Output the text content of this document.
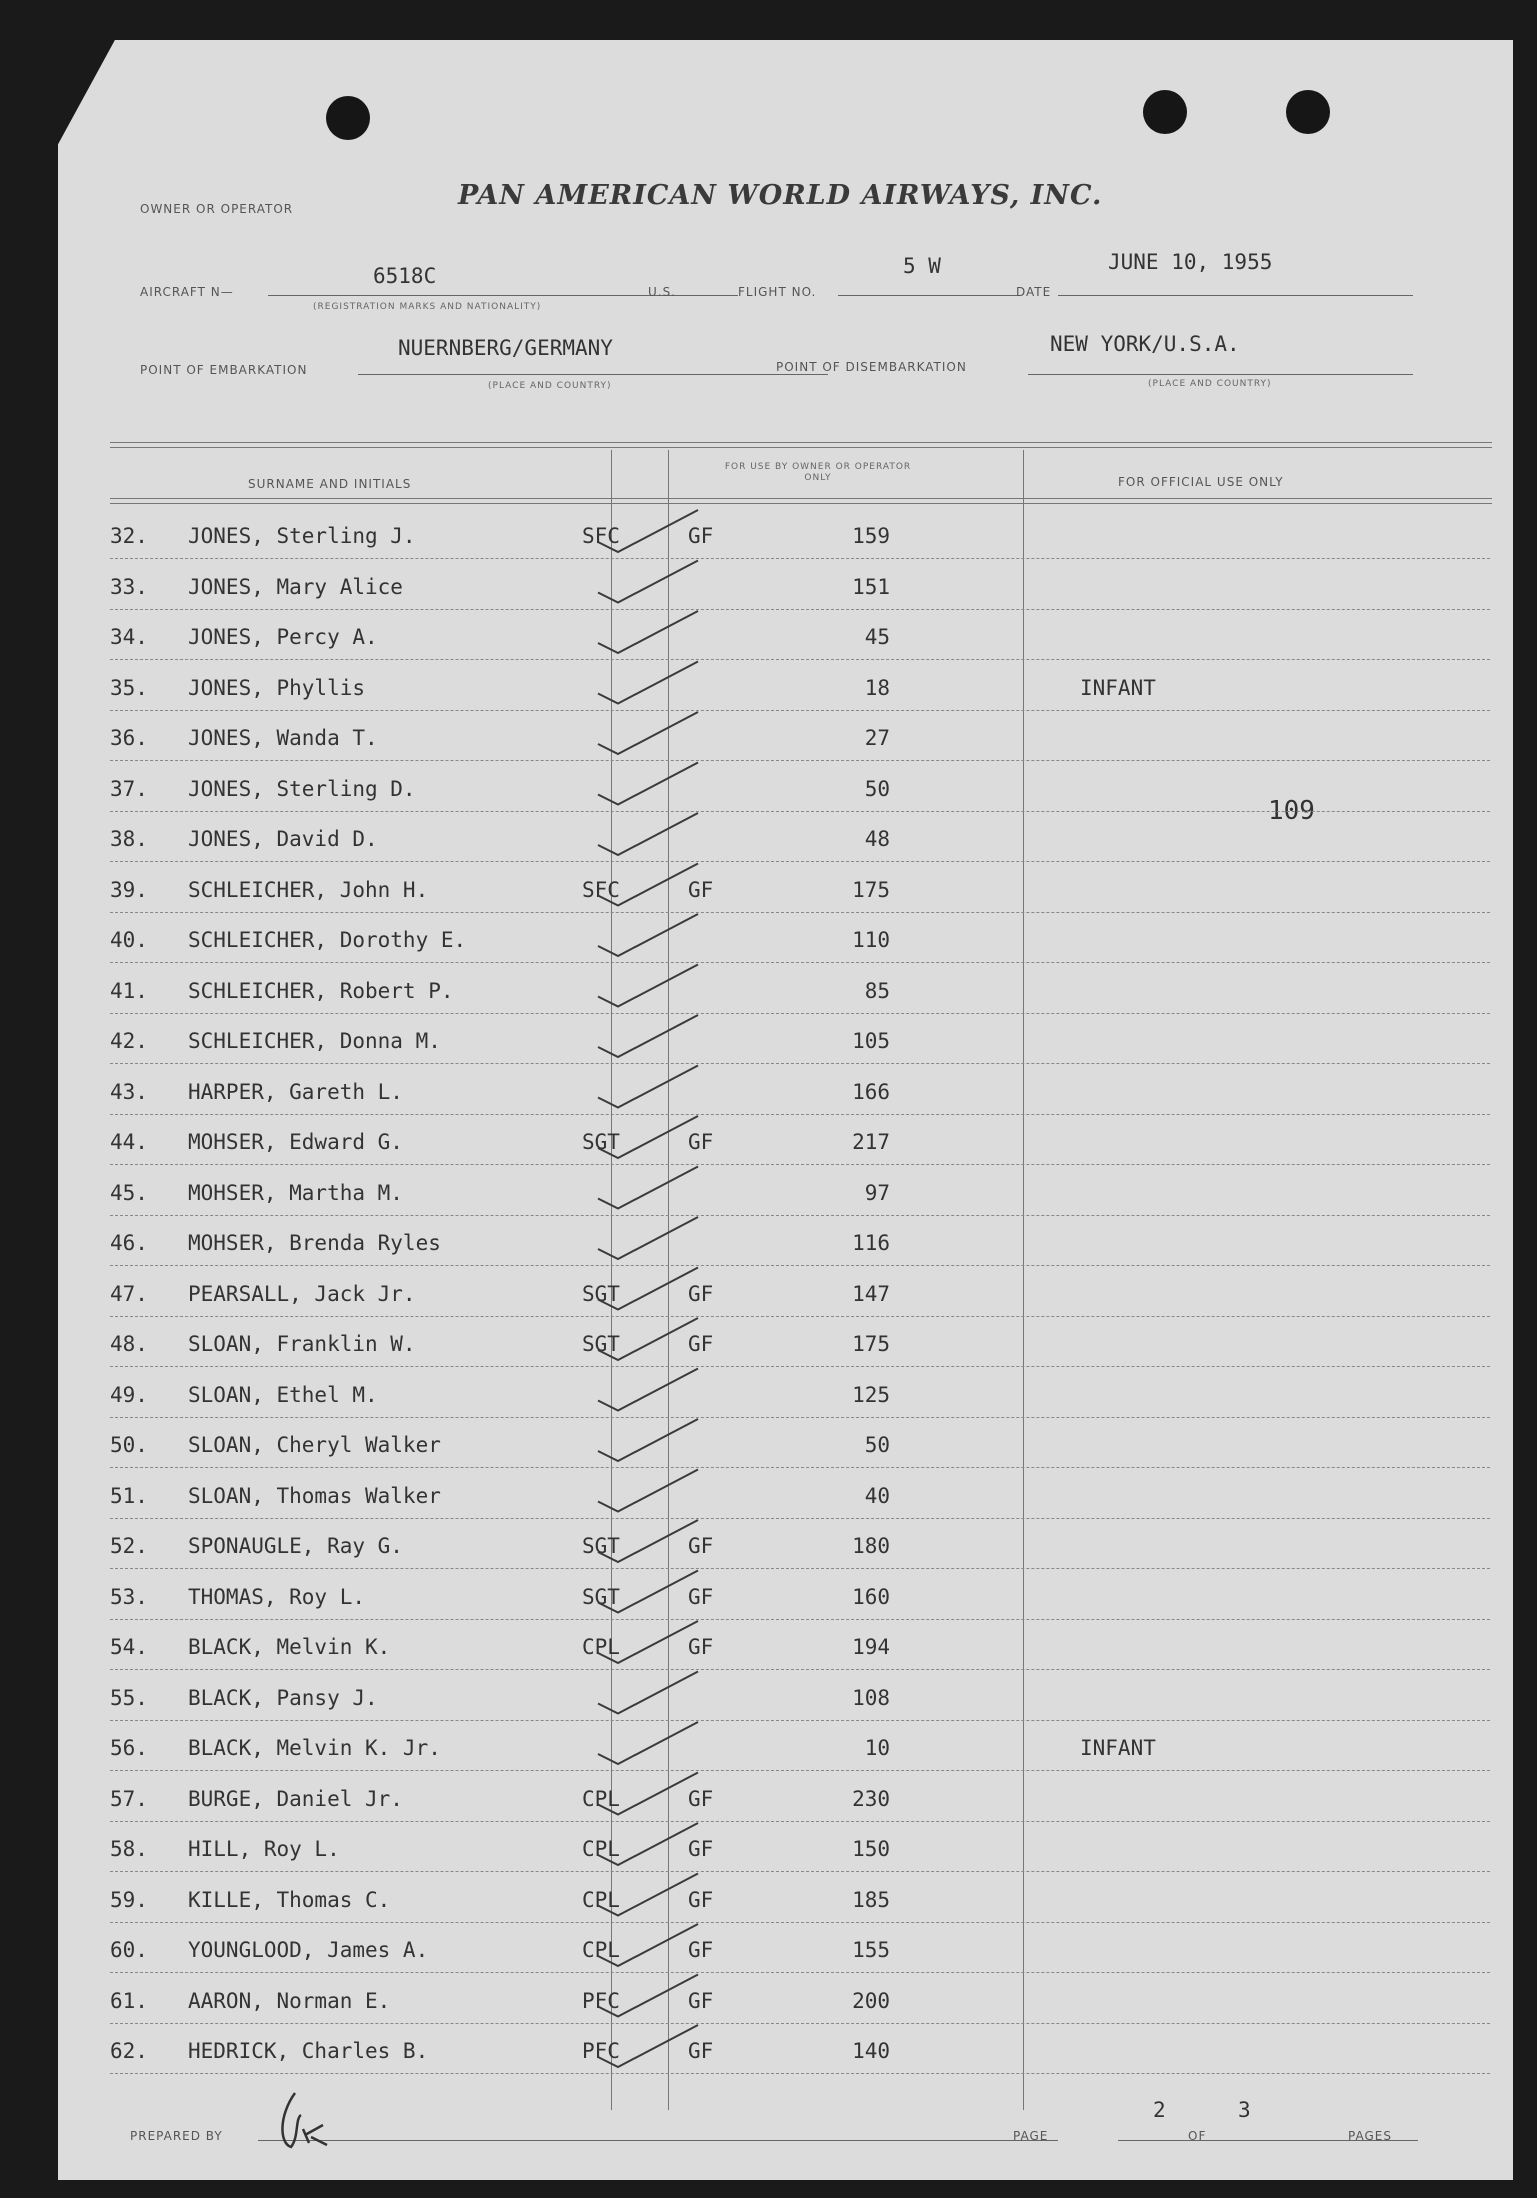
OWNER OR OPERATOR	PAN AMERICAN WORLD AIRWAYS, INC.
AIRCRAFT N—
6518C
(REGISTRATION MARKS AND NATIONALITY)
U.S.	FLIGHT NO.
5 W
DATE
JUNE 10, 1955
POINT OF EMBARKATION
NUERNBERG/GERMANY
(PLACE AND COUNTRY)
POINT OF DISEMBARKATION
NEW YORK/U.S.A.
(PLACE AND COUNTRY)
SURNAME AND INITIALS
FOR USE BY OWNER OR OPERATOR ONLY	FOR OFFICIAL USE ONLY
109
32.	JONES, Sterling J.	SFC	GF	159
33.	JONES, Mary Alice	151
34.	JONES, Percy A.	45
35.	JONES, Phyllis	18	INFANT
36.	JONES, Wanda T.	27
37.	JONES, Sterling D.	50
38.	JONES, David D.	48
39.	SCHLEICHER, John H.	SFC	GF	175
40.	SCHLEICHER, Dorothy E.	110
41.	SCHLEICHER, Robert P.	85
42.	SCHLEICHER, Donna M.	105
43.	HARPER, Gareth L.	166
44.	MOHSER, Edward G.	SGT	GF	217
45.	MOHSER, Martha M.	97
46.	MOHSER, Brenda Ryles	116
47.	PEARSALL, Jack Jr.	SGT	GF	147
48.	SLOAN, Franklin W.	SGT	GF	175
49.	SLOAN, Ethel M.	125
50.	SLOAN, Cheryl Walker	50
51.	SLOAN, Thomas Walker	40
52.	SPONAUGLE, Ray G.	SGT	GF	180
53.	THOMAS, Roy L.	SGT	GF	160
54.	BLACK, Melvin K.	CPL	GF	194
55.	BLACK, Pansy J.	108
56.	BLACK, Melvin K. Jr.	10	INFANT
57.	BURGE, Daniel Jr.	CPL	GF	230
58.	HILL, Roy L.	CPL	GF	150
59.	KILLE, Thomas C.	CPL	GF	185
60.	YOUNGLOOD, James A.	CPL	GF	155
61.	AARON, Norman E.	PFC	GF	200
62.	HEDRICK, Charles B.	PFC	GF	140
PREPARED BY	PAGE
2
OF
3
PAGES
